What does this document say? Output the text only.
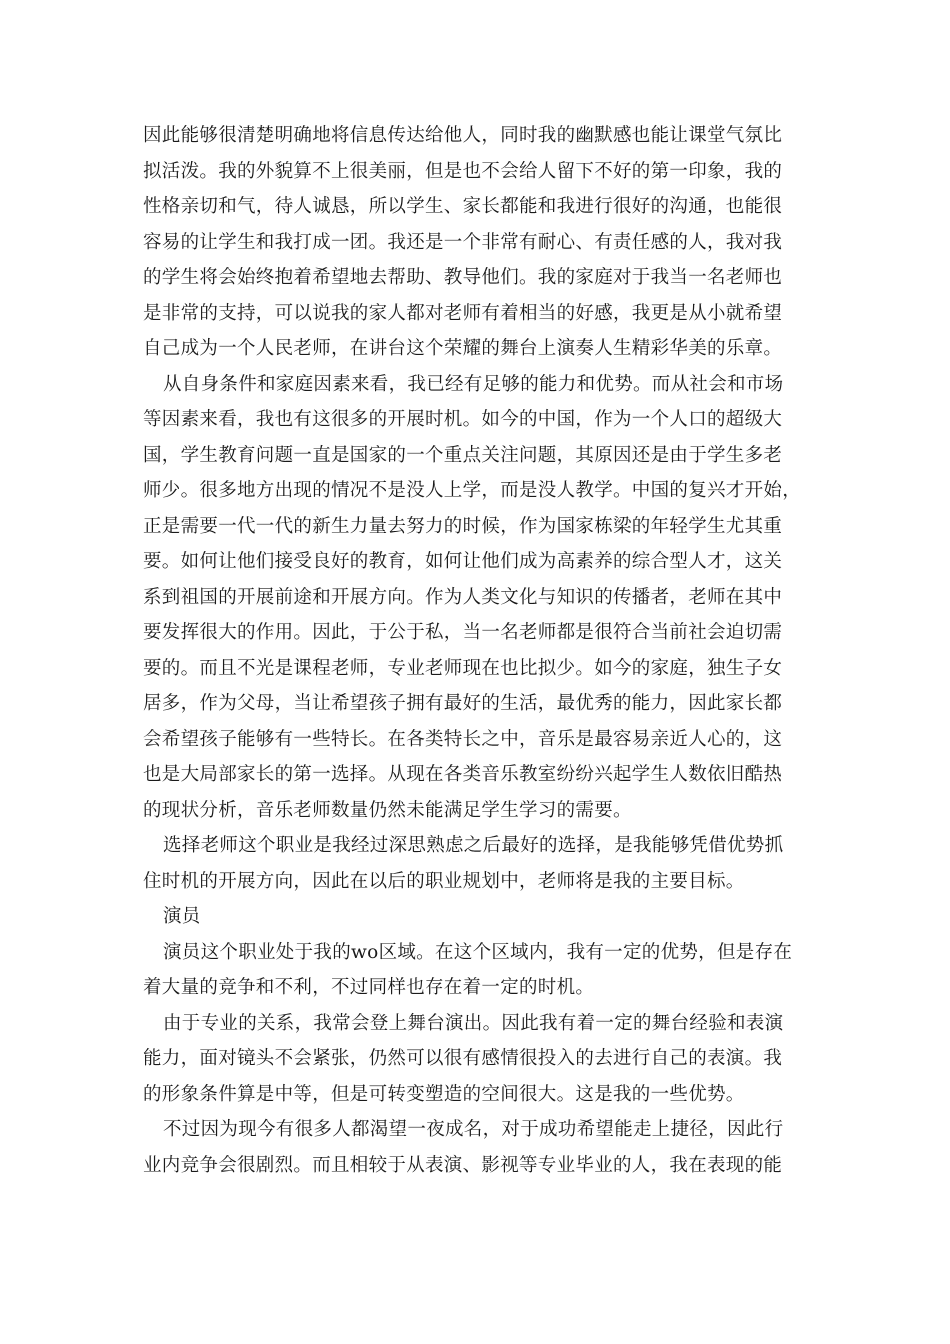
因此能够很清楚明确地将信息传达给他人，同时我的幽默感也能让课堂气氛比
拟活泼。我的外貌算不上很美丽，但是也不会给人留下不好的第一印象，我的
性格亲切和气，待人诚恳，所以学生、家长都能和我进行很好的沟通，也能很
容易的让学生和我打成一团。我还是一个非常有耐心、有责任感的人，我对我
的学生将会始终抱着希望地去帮助、教导他们。我的家庭对于我当一名老师也
是非常的支持，可以说我的家人都对老师有着相当的好感，我更是从小就希望
自己成为一个人民老师，在讲台这个荣耀的舞台上演奏人生精彩华美的乐章。
从自身条件和家庭因素来看，我已经有足够的能力和优势。而从社会和市场
等因素来看，我也有这很多的开展时机。如今的中国，作为一个人口的超级大
国，学生教育问题一直是国家的一个重点关注问题，其原因还是由于学生多老
师少。很多地方出现的情况不是没人上学，而是没人教学。中国的复兴才开始，
正是需要一代一代的新生力量去努力的时候，作为国家栋梁的年轻学生尤其重
要。如何让他们接受良好的教育，如何让他们成为高素养的综合型人才，这关
系到祖国的开展前途和开展方向。作为人类文化与知识的传播者，老师在其中
要发挥很大的作用。因此，于公于私，当一名老师都是很符合当前社会迫切需
要的。而且不光是课程老师，专业老师现在也比拟少。如今的家庭，独生子女
居多，作为父母，当让希望孩子拥有最好的生活，最优秀的能力，因此家长都
会希望孩子能够有一些特长。在各类特长之中，音乐是最容易亲近人心的，这
也是大局部家长的第一选择。从现在各类音乐教室纷纷兴起学生人数依旧酷热
的现状分析，音乐老师数量仍然未能满足学生学习的需要。
选择老师这个职业是我经过深思熟虑之后最好的选择，是我能够凭借优势抓
住时机的开展方向，因此在以后的职业规划中，老师将是我的主要目标。
演员
演员这个职业处于我的wo区域。在这个区域内，我有一定的优势，但是存在
着大量的竞争和不利，不过同样也存在着一定的时机。
由于专业的关系，我常会登上舞台演出。因此我有着一定的舞台经验和表演
能力，面对镜头不会紧张，仍然可以很有感情很投入的去进行自己的表演。我
的形象条件算是中等，但是可转变塑造的空间很大。这是我的一些优势。
不过因为现今有很多人都渴望一夜成名，对于成功希望能走上捷径，因此行
业内竞争会很剧烈。而且相较于从表演、影视等专业毕业的人，我在表现的能
